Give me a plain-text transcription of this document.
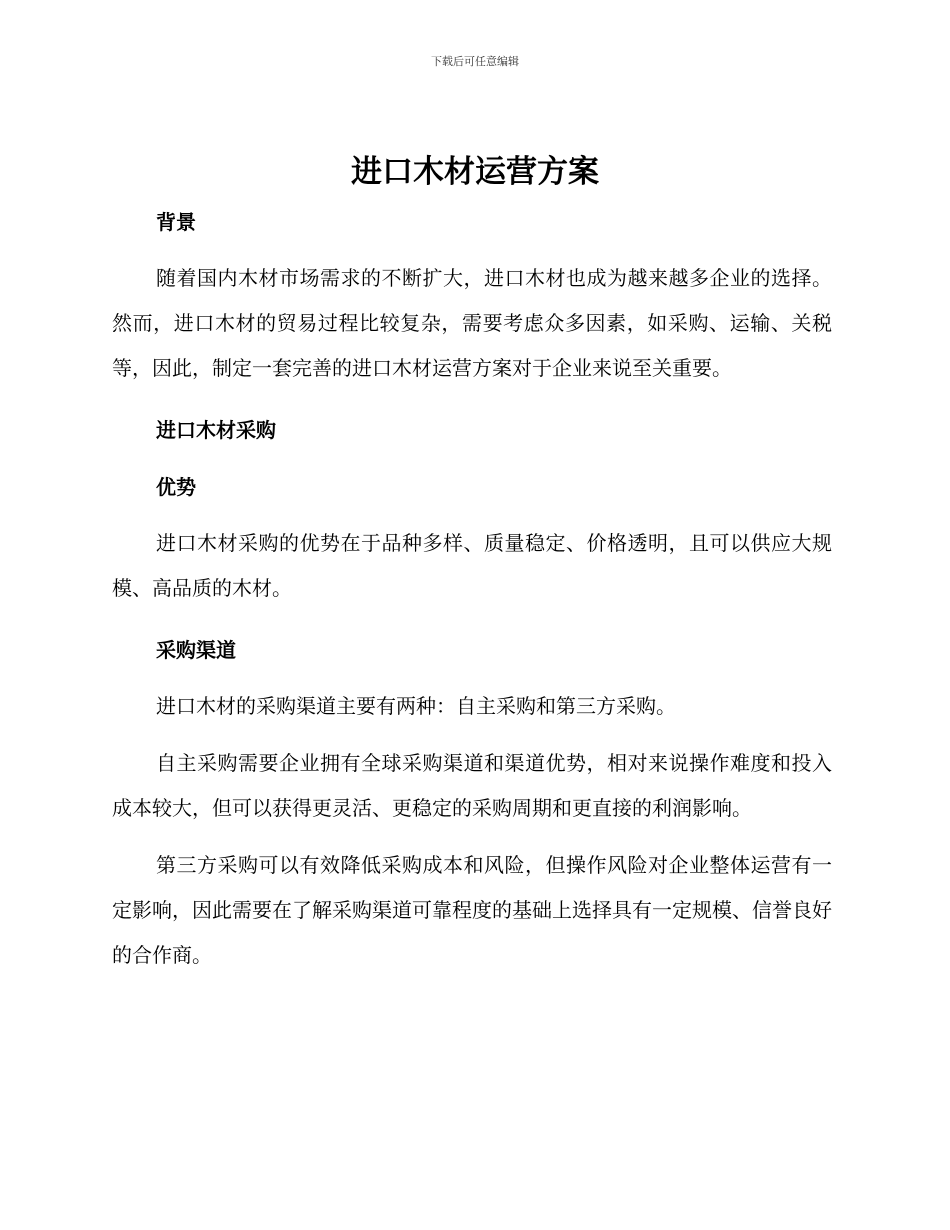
下载后可任意编辑
进口木材运营方案
背景

随着国内木材市场需求的不断扩大，进口木材也成为越来越多企业的选择。然而，进口木材的贸易过程比较复杂，需要考虑众多因素，如采购、运输、关税等，因此，制定一套完善的进口木材运营方案对于企业来说至关重要。

进口木材采购
优势

进口木材采购的优势在于品种多样、质量稳定、价格透明，且可以供应大规模、高品质的木材。

采购渠道

进口木材的采购渠道主要有两种：自主采购和第三方采购。

自主采购需要企业拥有全球采购渠道和渠道优势，相对来说操作难度和投入成本较大，但可以获得更灵活、更稳定的采购周期和更直接的利润影响。

第三方采购可以有效降低采购成本和风险，但操作风险对企业整体运营有一定影响，因此需要在了解采购渠道可靠程度的基础上选择具有一定规模、信誉良好的合作商。
